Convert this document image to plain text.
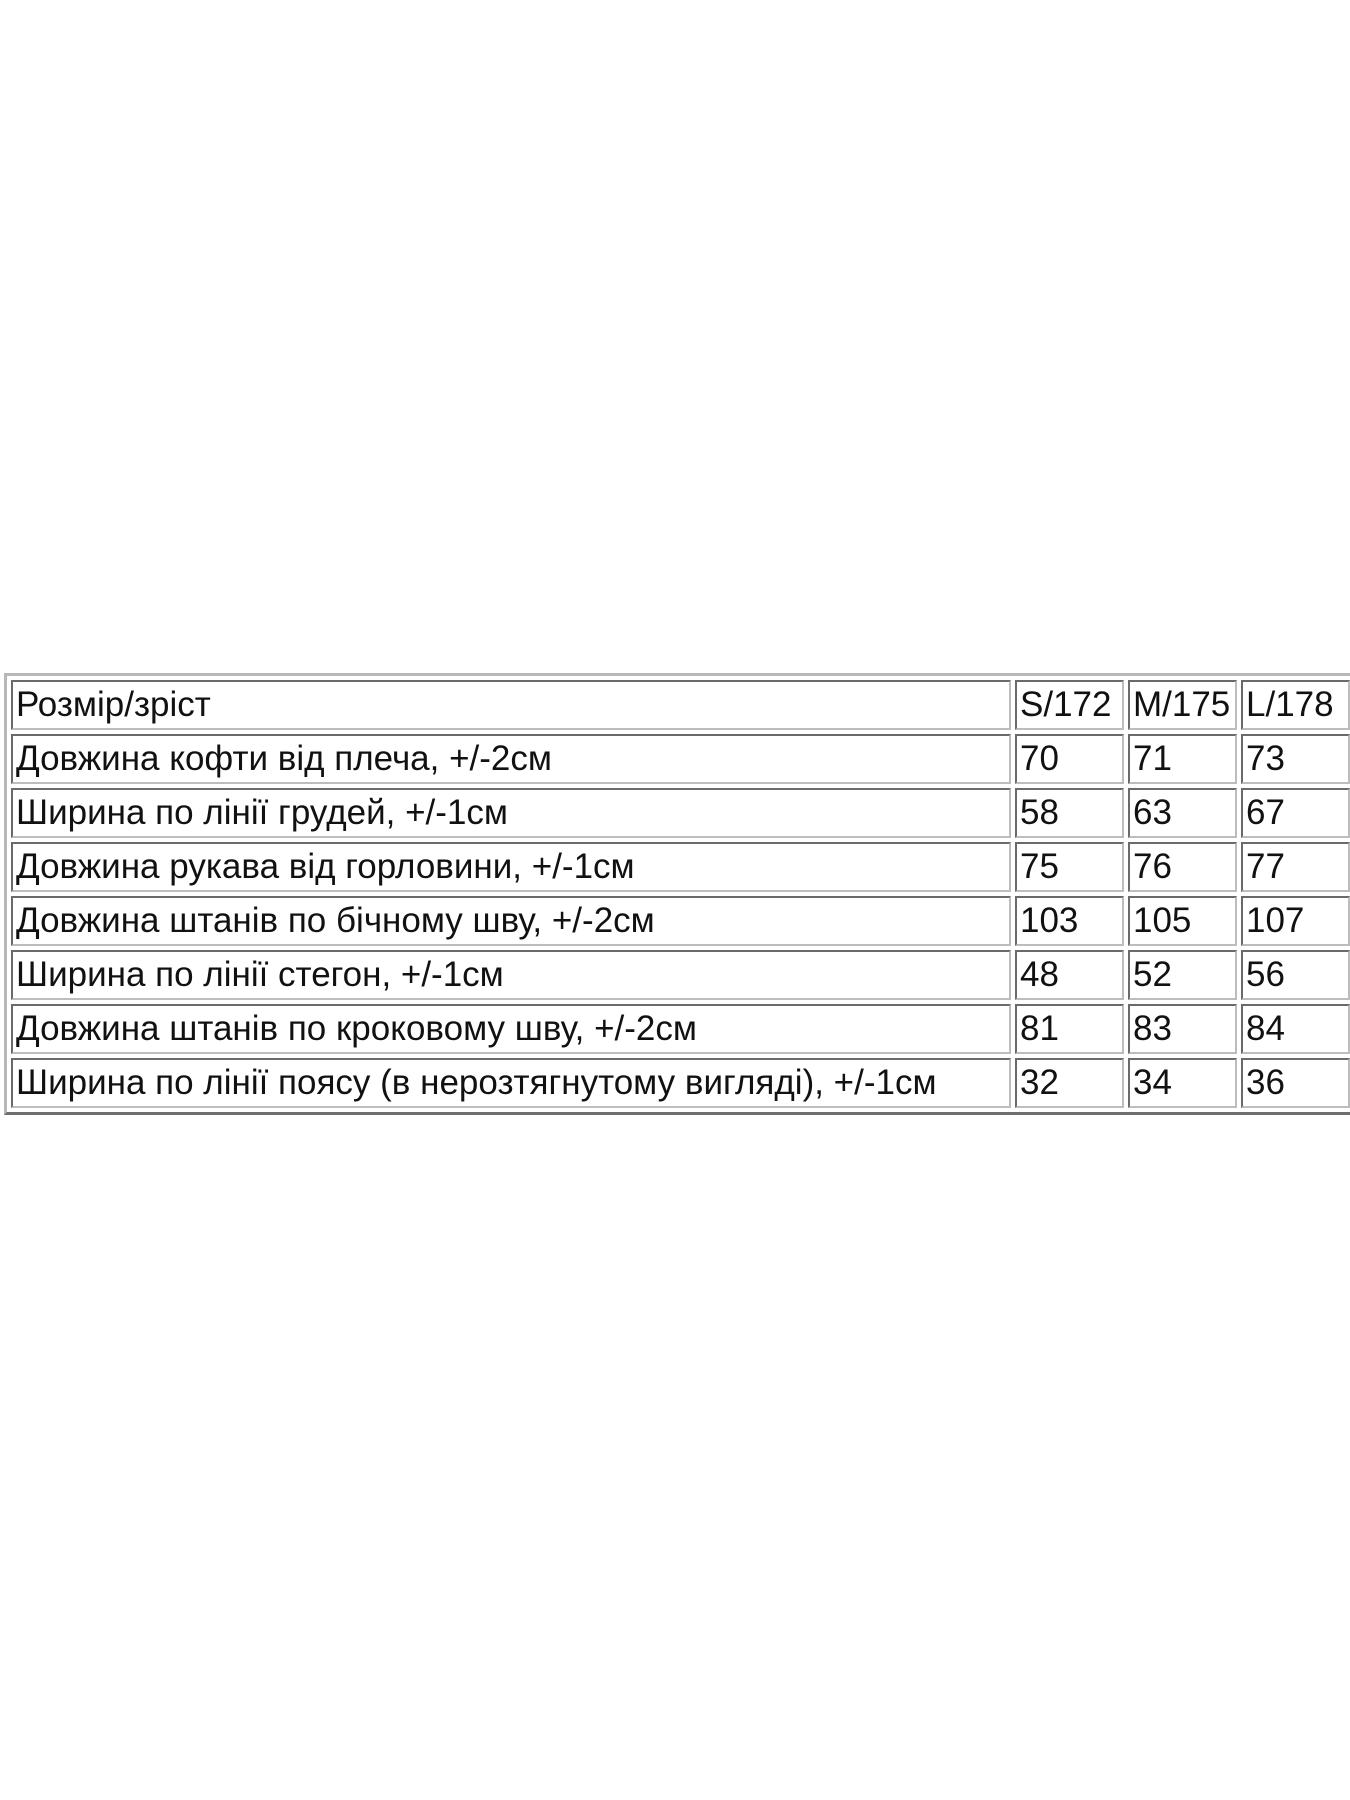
Розмір/зріст	S/172	M/175	L/178
Довжина кофти від плеча, +/-2см	70	71	73
Ширина по лінії грудей, +/-1см	58	63	67
Довжина рукава від горловини, +/-1см	75	76	77
Довжина штанів по бічному шву, +/-2см	103	105	107
Ширина по лінії стегон, +/-1см	48	52	56
Довжина штанів по кроковому шву, +/-2см	81	83	84
Ширина по лінії поясу (в нерозтягнутому вигляді), +/-1см	32	34	36
